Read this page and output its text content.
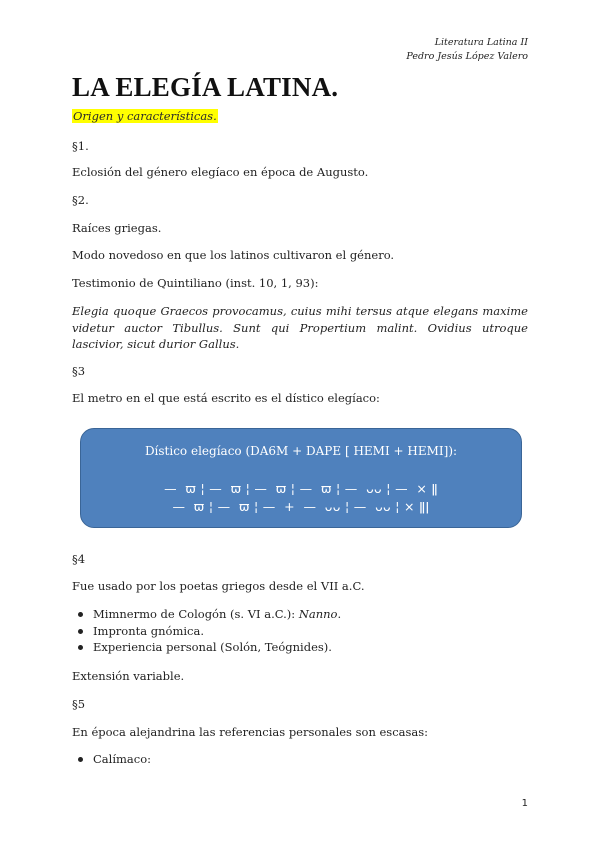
Literatura Latina II
Pedro Jesús López Valero
LA ELEGÍA LATINA.
Origen y características.
§1.
Eclosión del género elegíaco en época de Augusto.
§2.
Raíces griegas.
Modo novedoso en que los latinos cultivaron el género.
Testimonio de Quintiliano (inst. 10, 1, 93):
Elegia quoque Graecos provocamus, cuius mihi tersus atque elegans maxime videtur auctor Tibullus. Sunt qui Propertium malint. Ovidius utroque lascivior, sicut durior Gallus.
§3
El metro en el que está escrito es el dístico elegíaco:
Dístico elegíaco (DA6M + DAPE [ HEMI + HEMI]):
—  ϖ ¦ —  ϖ ¦ —  ϖ ¦ —  ϖ ¦ —  ᴗᴗ ¦ —  × ǁ
—  ϖ ¦ —  ϖ ¦ —  +  —  ᴗᴗ ¦ —  ᴗᴗ ¦ × ǁǀ
§4
Fue usado por los poetas griegos desde el VII a.C.
Mimnermo de Cologón (s. VI a.C.): Nanno.
Impronta gnómica.
Experiencia personal (Solón, Teógnides).
Extensión variable.
§5
En época alejandrina las referencias personales son escasas:
Calímaco:
1
